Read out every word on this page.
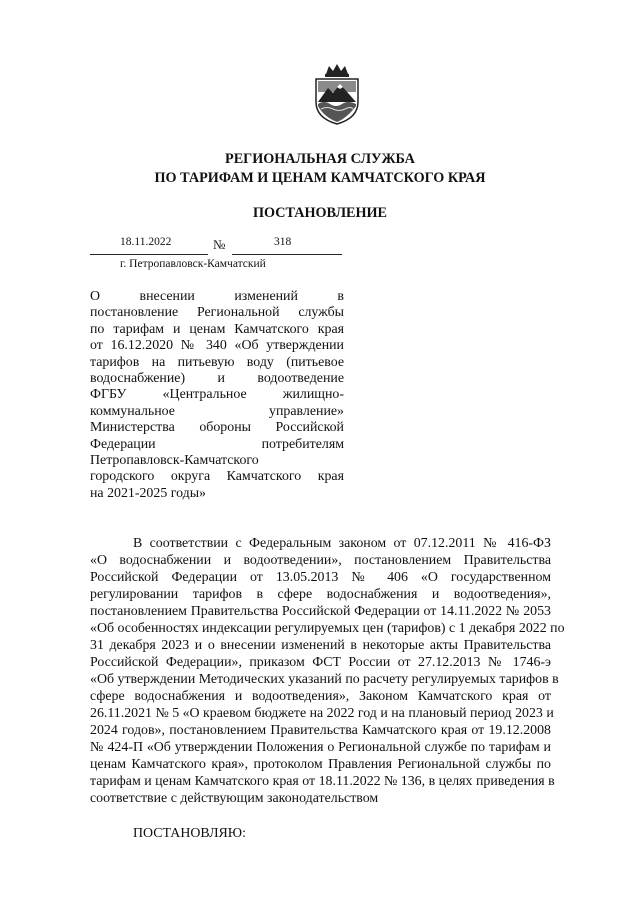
РЕГИОНАЛЬНАЯ СЛУЖБА
ПО ТАРИФАМ И ЦЕНАМ КАМЧАТСКОГО КРАЯ
ПОСТАНОВЛЕНИЕ
18.11.2022	№	318
г. Петропавловск-Камчатский
О внесении изменений в
постановление Региональной службы
по тарифам и ценам Камчатского края
от 16.12.2020 № 340 «Об утверждении
тарифов на питьевую воду (питьевое
водоснабжение) и водоотведение
ФГБУ «Центральное жилищно-
коммунальное управление»
Министерства обороны Российской
Федерации потребителям
Петропавловск-Камчатского
городского округа Камчатского края
на 2021-2025 годы»
В соответствии с Федеральным законом от 07.12.2011 № 416-ФЗ
«О водоснабжении и водоотведении», постановлением Правительства
Российской Федерации от 13.05.2013 № 406 «О государственном
регулировании тарифов в сфере водоснабжения и водоотведения»,
постановлением Правительства Российской Федерации от 14.11.2022 № 2053
«Об особенностях индексации регулируемых цен (тарифов) с 1 декабря 2022 по
31 декабря 2023 и о внесении изменений в некоторые акты Правительства
Российской Федерации», приказом ФСТ России от 27.12.2013 № 1746-э
«Об утверждении Методических указаний по расчету регулируемых тарифов в
сфере водоснабжения и водоотведения», Законом Камчатского края от
26.11.2021 № 5 «О краевом бюджете на 2022 год и на плановый период 2023 и
2024 годов», постановлением Правительства Камчатского края от 19.12.2008
№ 424-П «Об утверждении Положения о Региональной службе по тарифам и
ценам Камчатского края», протоколом Правления Региональной службы по
тарифам и ценам Камчатского края от 18.11.2022 № 136, в целях приведения в
соответствие с действующим законодательством
ПОСТАНОВЛЯЮ:
